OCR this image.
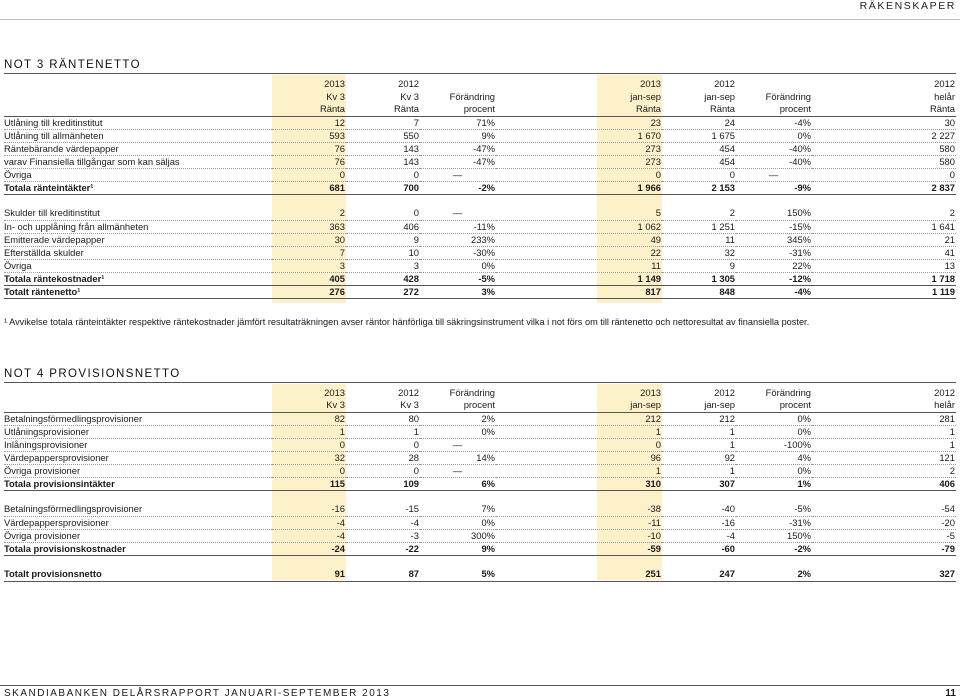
RÄKENSKAPER
NOT 3 RÄNTENETTO
	2013	2012		2013	2012		2012
	Kv 3	Kv 3	Förändring	jan-sep	jan-sep	Förändring	helår
	Ränta	Ränta	procent	Ränta	Ränta	procent	Ränta
Utlåning till kreditinstitut	12	7	71%	23	24	-4%	30
Utlåning till allmänheten	593	550	9%	1 670	1 675	0%	2 227
Räntebärande värdepapper	76	143	-47%	273	454	-40%	580
varav Finansiella tillgångar som kan säljas	76	143	-47%	273	454	-40%	580
Övriga	0	0	—	0	0	—	0
Totala ränteintäkter¹	681	700	-2%	1 966	2 153	-9%	2 837

Skulder till kreditinstitut	2	0	—	5	2	150%	2
In- och upplåning från allmänheten	363	406	-11%	1 062	1 251	-15%	1 641
Emitterade värdepapper	30	9	233%	49	11	345%	21
Efterställda skulder	7	10	-30%	22	32	-31%	41
Övriga	3	3	0%	11	9	22%	13
Totala räntekostnader¹	405	428	-5%	1 149	1 305	-12%	1 718
Totalt räntenetto¹	276	272	3%	817	848	-4%	1 119
¹ Avvikelse totala ränteintäkter respektive räntekostnader jämfört resultaträkningen avser räntor hänförliga till säkringsinstrument vilka i not förs om till räntenetto och nettoresultat av finansiella poster.
NOT 4 PROVISIONSNETTO
	2013	2012	Förändring	2013	2012	Förändring	2012
	Kv 3	Kv 3	procent	jan-sep	jan-sep	procent	helår
Betalningsförmedlingsprovisioner	82	80	2%	212	212	0%	281
Utlåningsprovisioner	1	1	0%	1	1	0%	1
Inlåningsprovisioner	0	0	—	0	1	-100%	1
Värdepappersprovisioner	32	28	14%	96	92	4%	121
Övriga provisioner	0	0	—	1	1	0%	2
Totala provisionsintäkter	115	109	6%	310	307	1%	406

Betalningsförmedlingsprovisioner	-16	-15	7%	-38	-40	-5%	-54
Värdepappersprovisioner	-4	-4	0%	-11	-16	-31%	-20
Övriga provisioner	-4	-3	300%	-10	-4	150%	-5
Totala provisionskostnader	-24	-22	9%	-59	-60	-2%	-79

Totalt provisionsnetto	91	87	5%	251	247	2%	327
SKANDIABANKEN DELÅRSRAPPORT JANUARI-SEPTEMBER 2013	11
